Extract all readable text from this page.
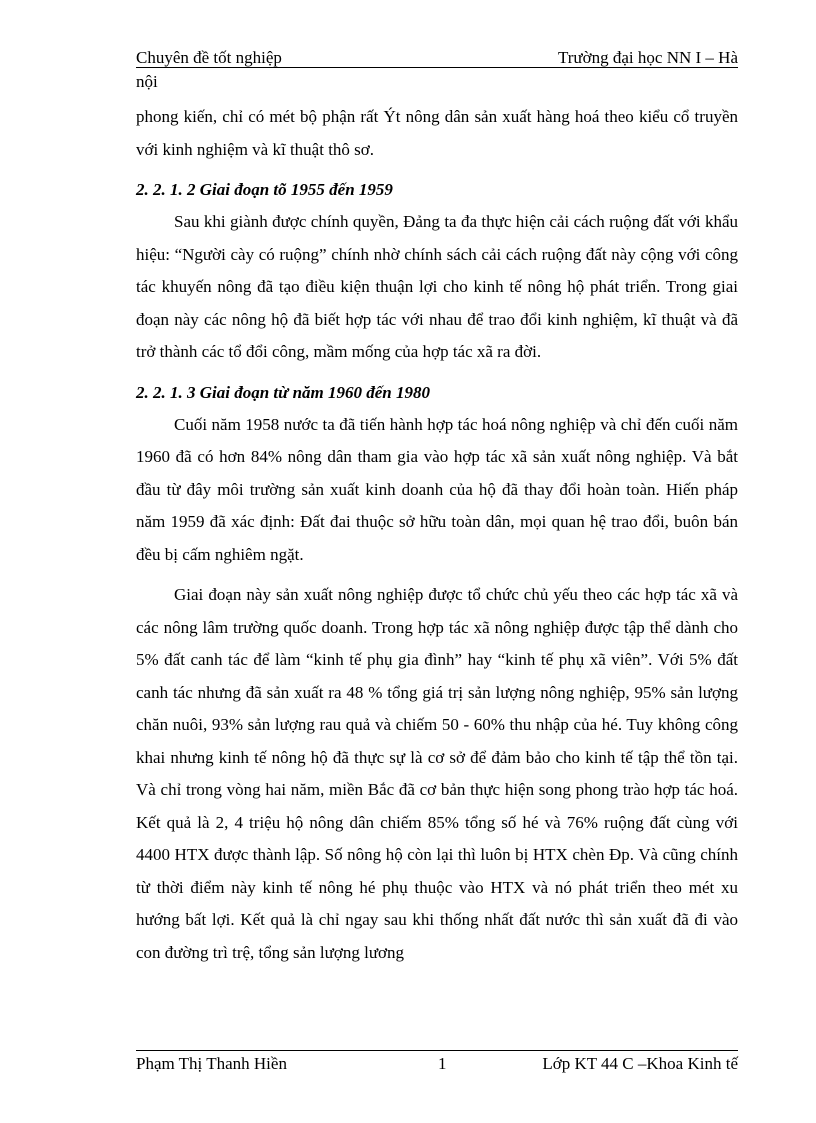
Chuyên đề tốt nghiệp	Trường đại học NN I – Hà
nội

phong kiến, chỉ có mét bộ phận rất Ýt nông dân sản xuất hàng hoá theo kiểu cổ truyền với kinh nghiệm và kĩ thuật thô sơ.

2. 2. 1. 2 Giai đoạn tõ 1955 đến 1959

Sau khi giành được chính quyền, Đảng ta đa thực hiện cải cách ruộng đất với khẩu hiệu: “Người cày có ruộng” chính nhờ chính sách cải cách ruộng đất này cộng với công tác khuyến nông đã tạo điều kiện thuận lợi cho kinh tế nông hộ phát triển. Trong giai đoạn này các nông hộ đã biết hợp tác với nhau để trao đổi kinh nghiệm, kĩ thuật và đã trở thành các tổ đổi công, mầm mống của hợp tác xã ra đời.

2. 2. 1. 3 Giai đoạn từ năm 1960 đến 1980

Cuối năm 1958 nước ta đã tiến hành hợp tác hoá nông nghiệp và chỉ đến cuối năm 1960 đã có hơn 84% nông dân tham gia vào hợp tác xã sản xuất nông nghiệp. Và bắt đầu từ đây môi trường sản xuất kinh doanh của hộ đã thay đổi hoàn toàn. Hiến pháp năm 1959 đã xác định: Đất đai thuộc sở hữu toàn dân, mọi quan hệ trao đổi, buôn bán đều bị cấm nghiêm ngặt.

Giai đoạn này sản xuất nông nghiệp được tổ chức chủ yếu theo các hợp tác xã và các nông lâm trường quốc doanh. Trong hợp tác xã nông nghiệp được tập thể dành cho 5% đất canh tác để làm “kinh tế phụ gia đình” hay “kinh tế phụ xã viên”. Với 5% đất canh tác nhưng đã sản xuất ra 48 % tổng giá trị sản lượng nông nghiệp, 95% sản lượng chăn nuôi, 93% sản lượng rau quả và chiếm 50 - 60% thu nhập của hé. Tuy không công khai nhưng kinh tế nông hộ đã thực sự là cơ sở để đảm bảo cho kinh tế tập thể tồn tại. Và chỉ trong vòng hai năm, miền Bắc đã cơ bản thực hiện song phong trào hợp tác hoá. Kết quả là 2, 4 triệu hộ nông dân chiếm 85% tổng số hé và 76% ruộng đất cùng với 4400 HTX được thành lập. Số nông hộ còn lại thì luôn bị HTX chèn Ðp. Và cũng chính từ thời điểm này kinh tế nông hé phụ thuộc vào HTX và nó phát triển theo mét xu hướng bất lợi. Kết quả là chỉ ngay sau khi thống nhất đất nước thì sản xuất đã đi vào con đường trì trệ, tổng sản lượng lương

Phạm Thị Thanh Hiền	1	Lớp KT 44 C –Khoa Kinh tế
